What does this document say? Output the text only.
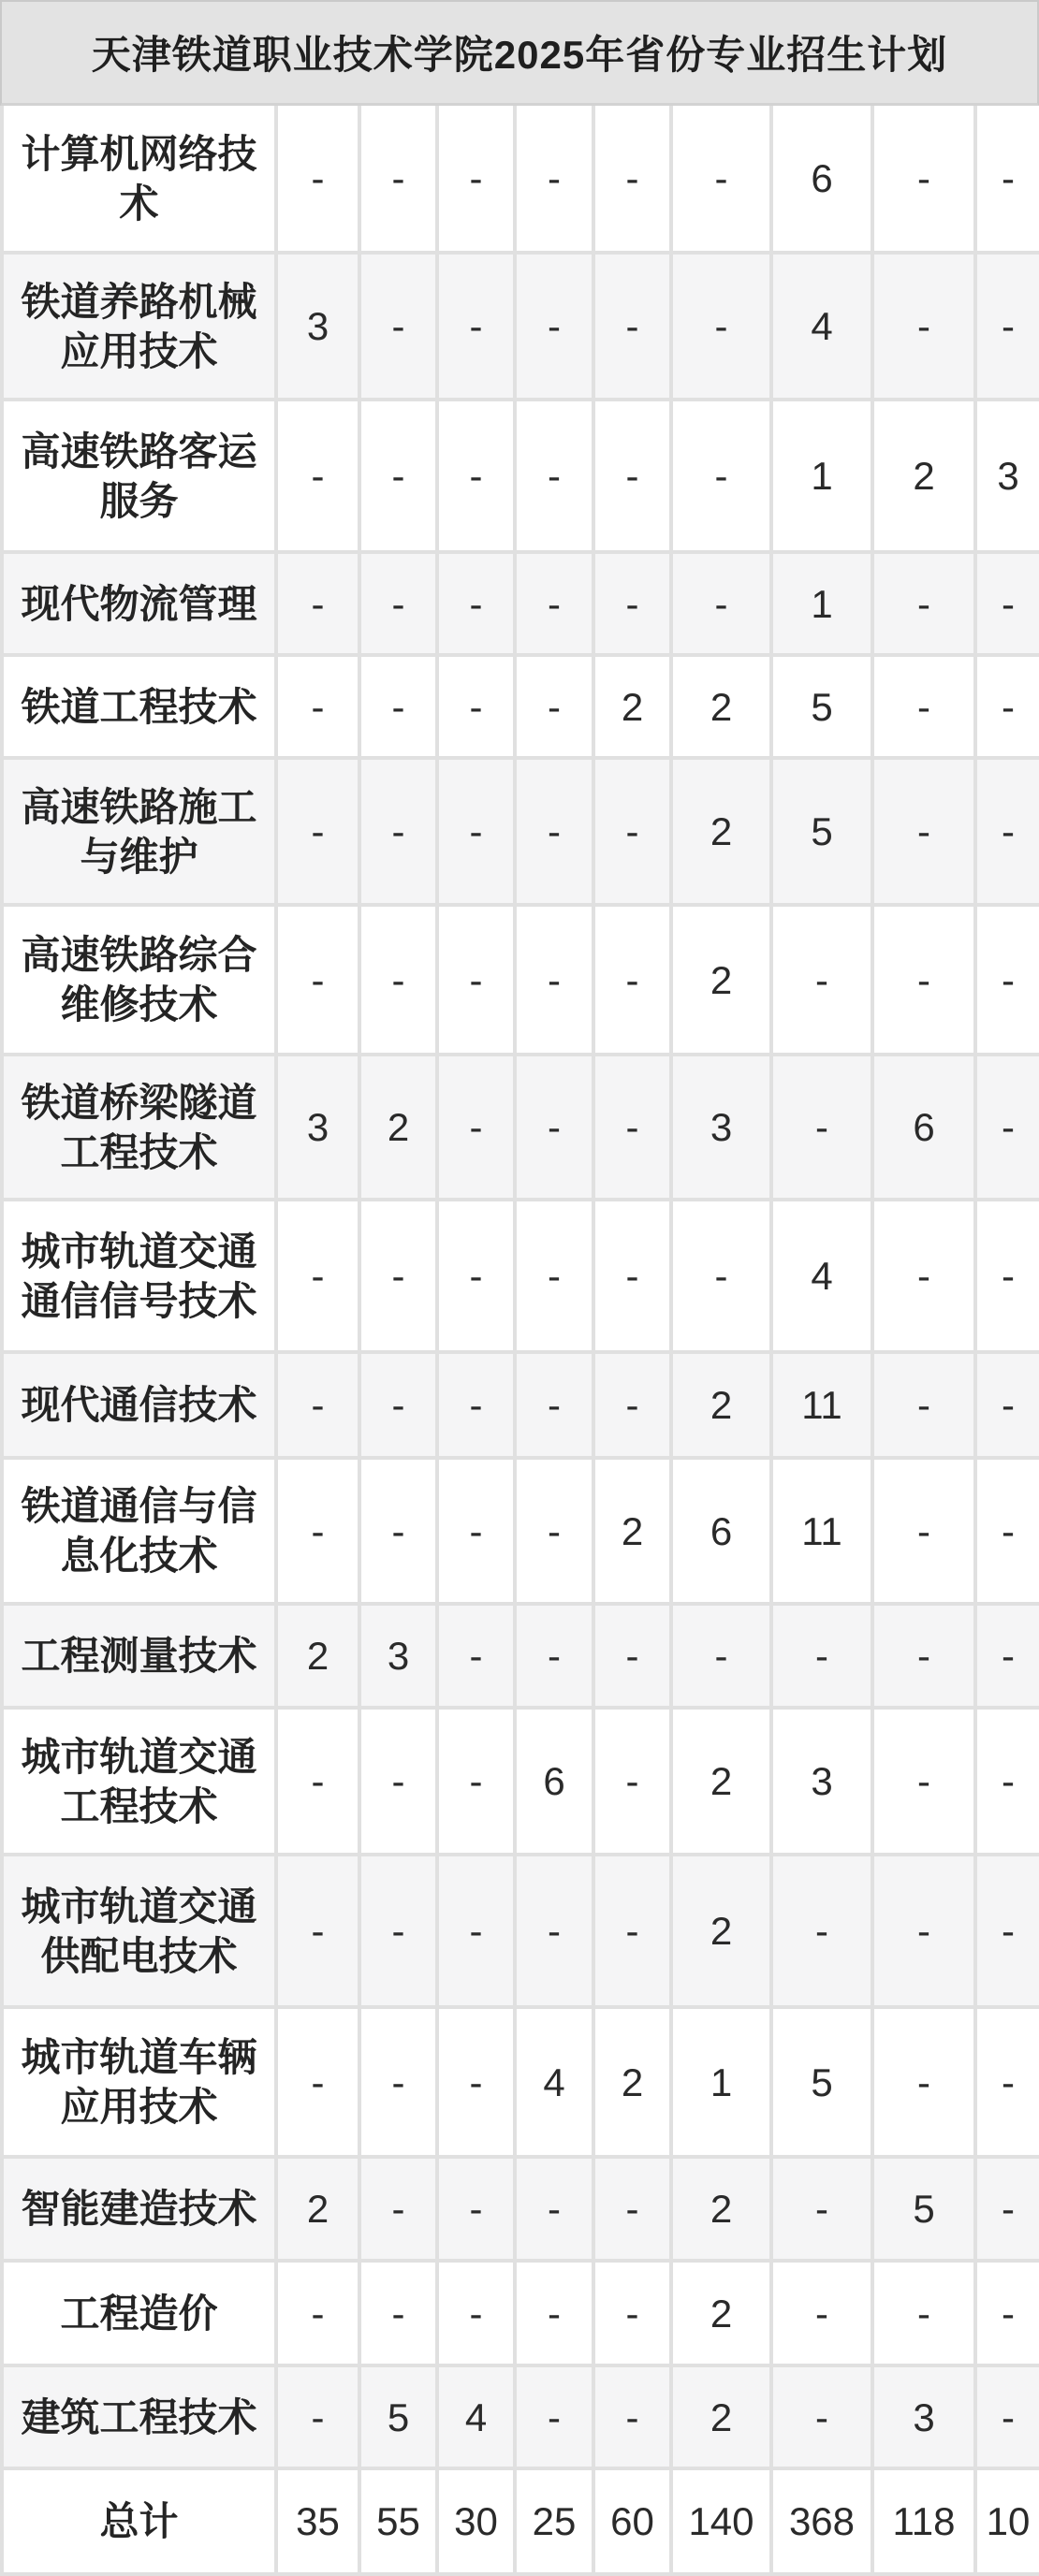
天津铁道职业技术学院2025年省份专业招生计划
计算机网络技术	-	-	-	-	-	-	6	-	-
铁道养路机械应用技术	3	-	-	-	-	-	4	-	-
高速铁路客运服务	-	-	-	-	-	-	1	2	3
现代物流管理	-	-	-	-	-	-	1	-	-
铁道工程技术	-	-	-	-	2	2	5	-	-
高速铁路施工与维护	-	-	-	-	-	2	5	-	-
高速铁路综合维修技术	-	-	-	-	-	2	-	-	-
铁道桥梁隧道工程技术	3	2	-	-	-	3	-	6	-
城市轨道交通通信信号技术	-	-	-	-	-	-	4	-	-
现代通信技术	-	-	-	-	-	2	11	-	-
铁道通信与信息化技术	-	-	-	-	2	6	11	-	-
工程测量技术	2	3	-	-	-	-	-	-	-
城市轨道交通工程技术	-	-	-	6	-	2	3	-	-
城市轨道交通供配电技术	-	-	-	-	-	2	-	-	-
城市轨道车辆应用技术	-	-	-	4	2	1	5	-	-
智能建造技术	2	-	-	-	-	2	-	5	-
工程造价	-	-	-	-	-	2	-	-	-
建筑工程技术	-	5	4	-	-	2	-	3	-
总计	35	55	30	25	60	140	368	118	10
